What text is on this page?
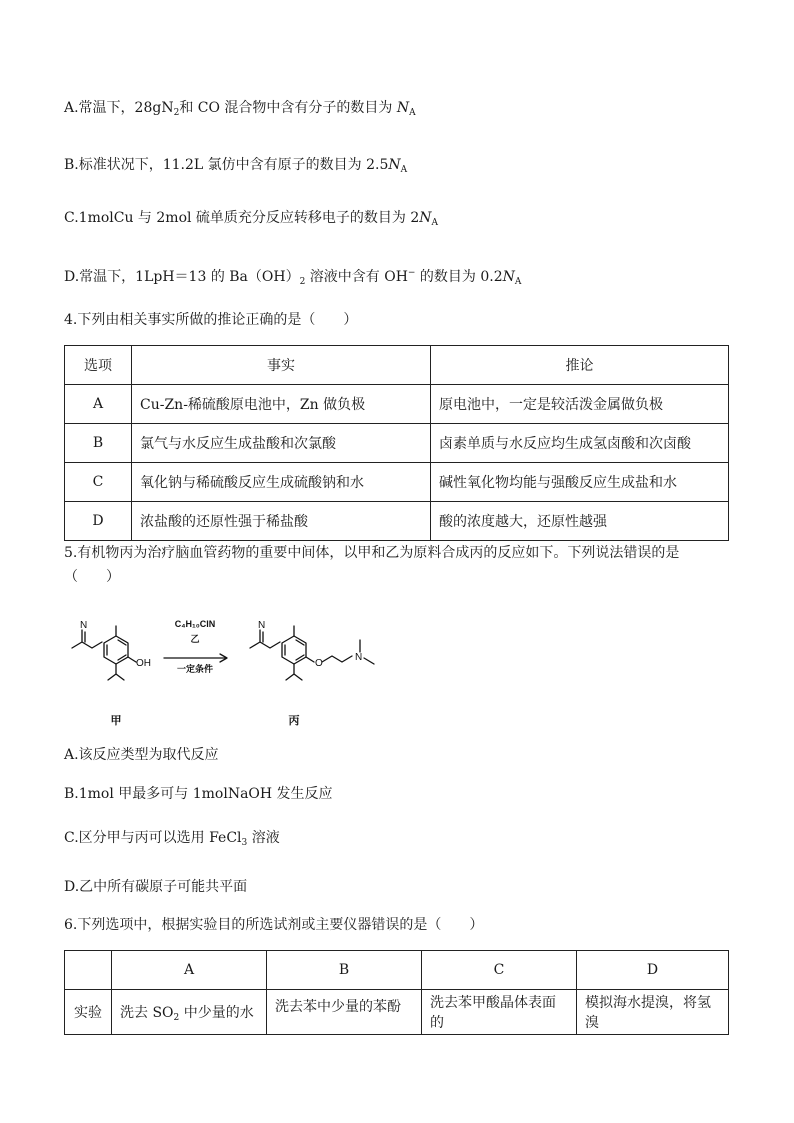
A.常温下，$28gN_2$和 CO 混合物中含有分子的数目为 $N_A$
B.标准状况下，11.2L 氯仿中含有原子的数目为 $2.5N_A$
C.1molCu 与 2mol 硫单质充分反应转移电子的数目为 $2N_A$
D.常温下，1LpH＝13 的 $Ba(OH)_2$ 溶液中含有 OH− 的数目为 $0.2N_A$
4.下列由相关事实所做的推论正确的是（　　）
选项	事实	推论
A	Cu-Zn-稀硫酸原电池中，Zn 做负极	原电池中，一定是较活泼金属做负极
B	氯气与水反应生成盐酸和次氯酸	卤素单质与水反应均生成氢卤酸和次卤酸
C	氧化钠与稀硫酸反应生成硫酸钠和水	碱性氧化物均能与强酸反应生成盐和水
D	浓盐酸的还原性强于稀盐酸	酸的浓度越大，还原性越强
5.有机物丙为治疗脑血管药物的重要中间体，以甲和乙为原料合成丙的反应如下。下列说法错误的是
（　　）
N
OH
N
O
N
C₄H₁₀ClN
乙
一定条件
甲	丙
A.该反应类型为取代反应
B.1mol 甲最多可与 1molNaOH 发生反应
C.区分甲与丙可以选用 FeCl$_3$ 溶液
D.乙中所有碳原子可能共平面
6.下列选项中，根据实验目的所选试剂或主要仪器错误的是（　　）
	A	B	C	D
实验	洗去 $SO_2$ 中少量的水	洗去苯中少量的苯酚	洗去苯甲酸晶体表面的	模拟海水提溴，将氢溴
